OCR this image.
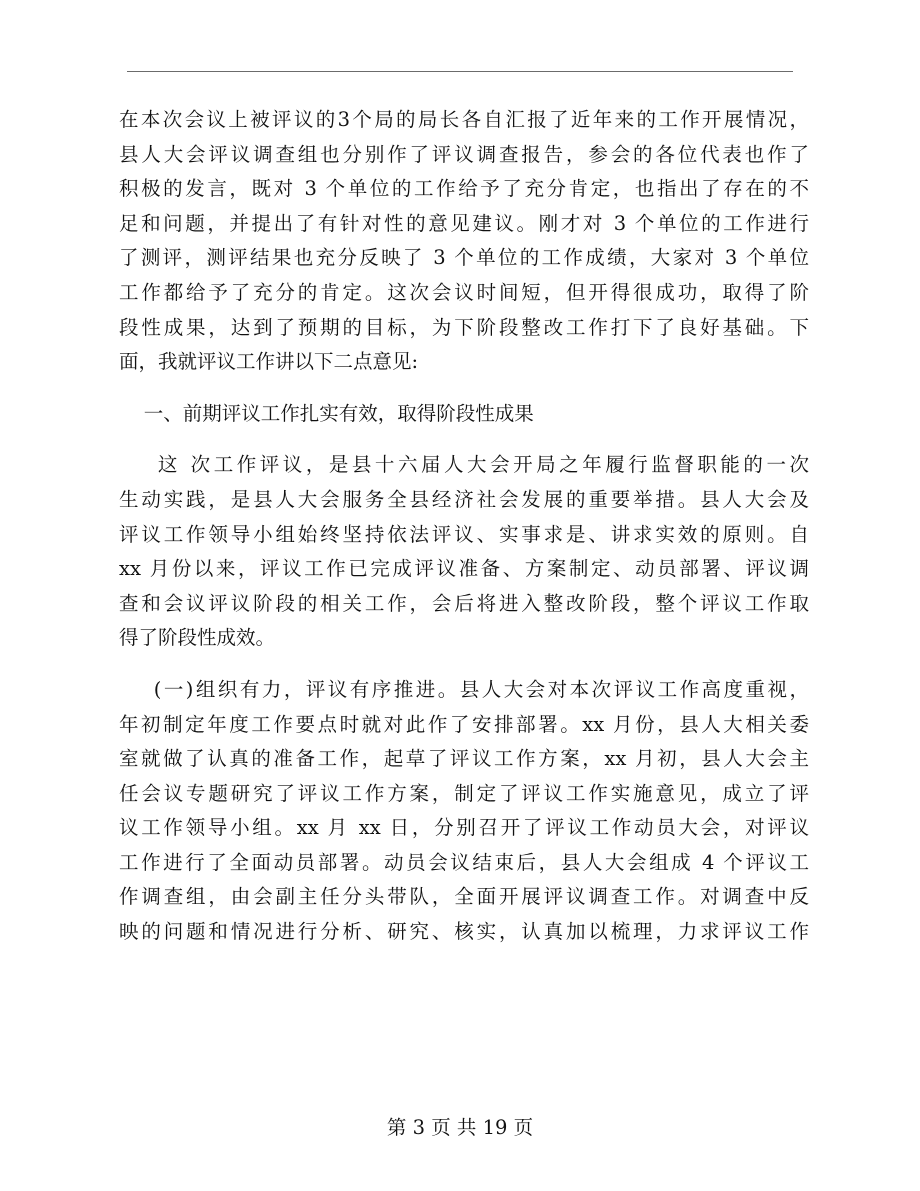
在本次会议上被评议的3个局的局长各自汇报了近年来的工作开展情况，
县人大会评议调查组也分别作了评议调查报告，参会的各位代表也作了
积极的发言，既对 3 个单位的工作给予了充分肯定，也指出了存在的不
足和问题，并提出了有针对性的意见建议。刚才对 3 个单位的工作进行
了测评，测评结果也充分反映了 3 个单位的工作成绩，大家对 3 个单位
工作都给予了充分的肯定。这次会议时间短，但开得很成功，取得了阶
段性成果，达到了预期的目标，为下阶段整改工作打下了良好基础。下
面，我就评议工作讲以下二点意见:
一、前期评议工作扎实有效，取得阶段性成果
这 次工作评议，是县十六届人大会开局之年履行监督职能的一次
生动实践，是县人大会服务全县经济社会发展的重要举措。县人大会及
评议工作领导小组始终坚持依法评议、实事求是、讲求实效的原则。自
xx 月份以来，评议工作已完成评议准备、方案制定、动员部署、评议调
查和会议评议阶段的相关工作，会后将进入整改阶段，整个评议工作取
得了阶段性成效。
(一)组织有力，评议有序推进。县人大会对本次评议工作高度重视，
年初制定年度工作要点时就对此作了安排部署。xx 月份，县人大相关委
室就做了认真的准备工作，起草了评议工作方案，xx 月初，县人大会主
任会议专题研究了评议工作方案，制定了评议工作实施意见，成立了评
议工作领导小组。xx 月 xx 日，分别召开了评议工作动员大会，对评议
工作进行了全面动员部署。动员会议结束后，县人大会组成 4 个评议工
作调查组，由会副主任分头带队，全面开展评议调查工作。对调查中反
映的问题和情况进行分析、研究、核实，认真加以梳理，力求评议工作
第 3 页 共 19 页
